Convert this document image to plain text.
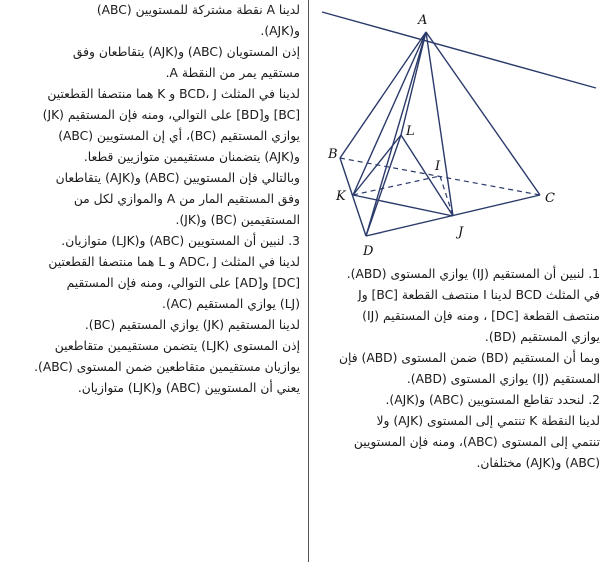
A
B
C
D
I
J
K
L
لدينا A نقطة مشتركة للمستويين (ABC)
و(AJK).
إذن المستويان (ABC) و(AJK) يتقاطعان وفق
مستقيم يمر من النقطة A.
لدينا في المثلث BCD، J و K هما منتصفا القطعتين
[BC] و[BD] على التوالي، ومنه فإن المستقيم (JK)
يوازي المستقيم (BC)، أي إن المستويين (ABC)
و(AJK) يتضمنان مستقيمين متوازيين قطعا.
وبالتالي فإن المستويين (ABC) و(AJK) يتقاطعان
وفق المستقيم المار من A والموازي لكل من
المستقيمين (BC) و(JK).
3. لنبين أن المستويين (ABC) و(LJK) متوازيان.
لدينا في المثلث ADC، J و L هما منتصفا القطعتين
[DC] و[AD] على التوالي، ومنه فإن المستقيم
(LJ) يوازي المستقيم (AC).
لدينا المستقيم (JK) يوازي المستقيم (BC).
إذن المستوى (LJK) يتضمن مستقيمين متقاطعين
يوازيان مستقيمين متقاطعين ضمن المستوى (ABC).
يعني أن المستويين (ABC) و(LJK) متوازيان.
1. لنبين أن المستقيم (IJ) يوازي المستوى (ABD).
في المثلث BCD لدينا I منتصف القطعة [BC] وJ
منتصف القطعة [DC] ، ومنه فإن المستقيم (IJ)
يوازي المستقيم (BD).
وبما أن المستقيم (BD) ضمن المستوى (ABD) فإن
المستقيم (IJ) يوازي المستوى (ABD).
2. لنحدد تقاطع المستويين (ABC) و(AJK).
لدينا النقطة K تنتمي إلى المستوى (AJK) ولا
تنتمي إلى المستوى (ABC)، ومنه فإن المستويين
(ABC) و(AJK) مختلفان.
